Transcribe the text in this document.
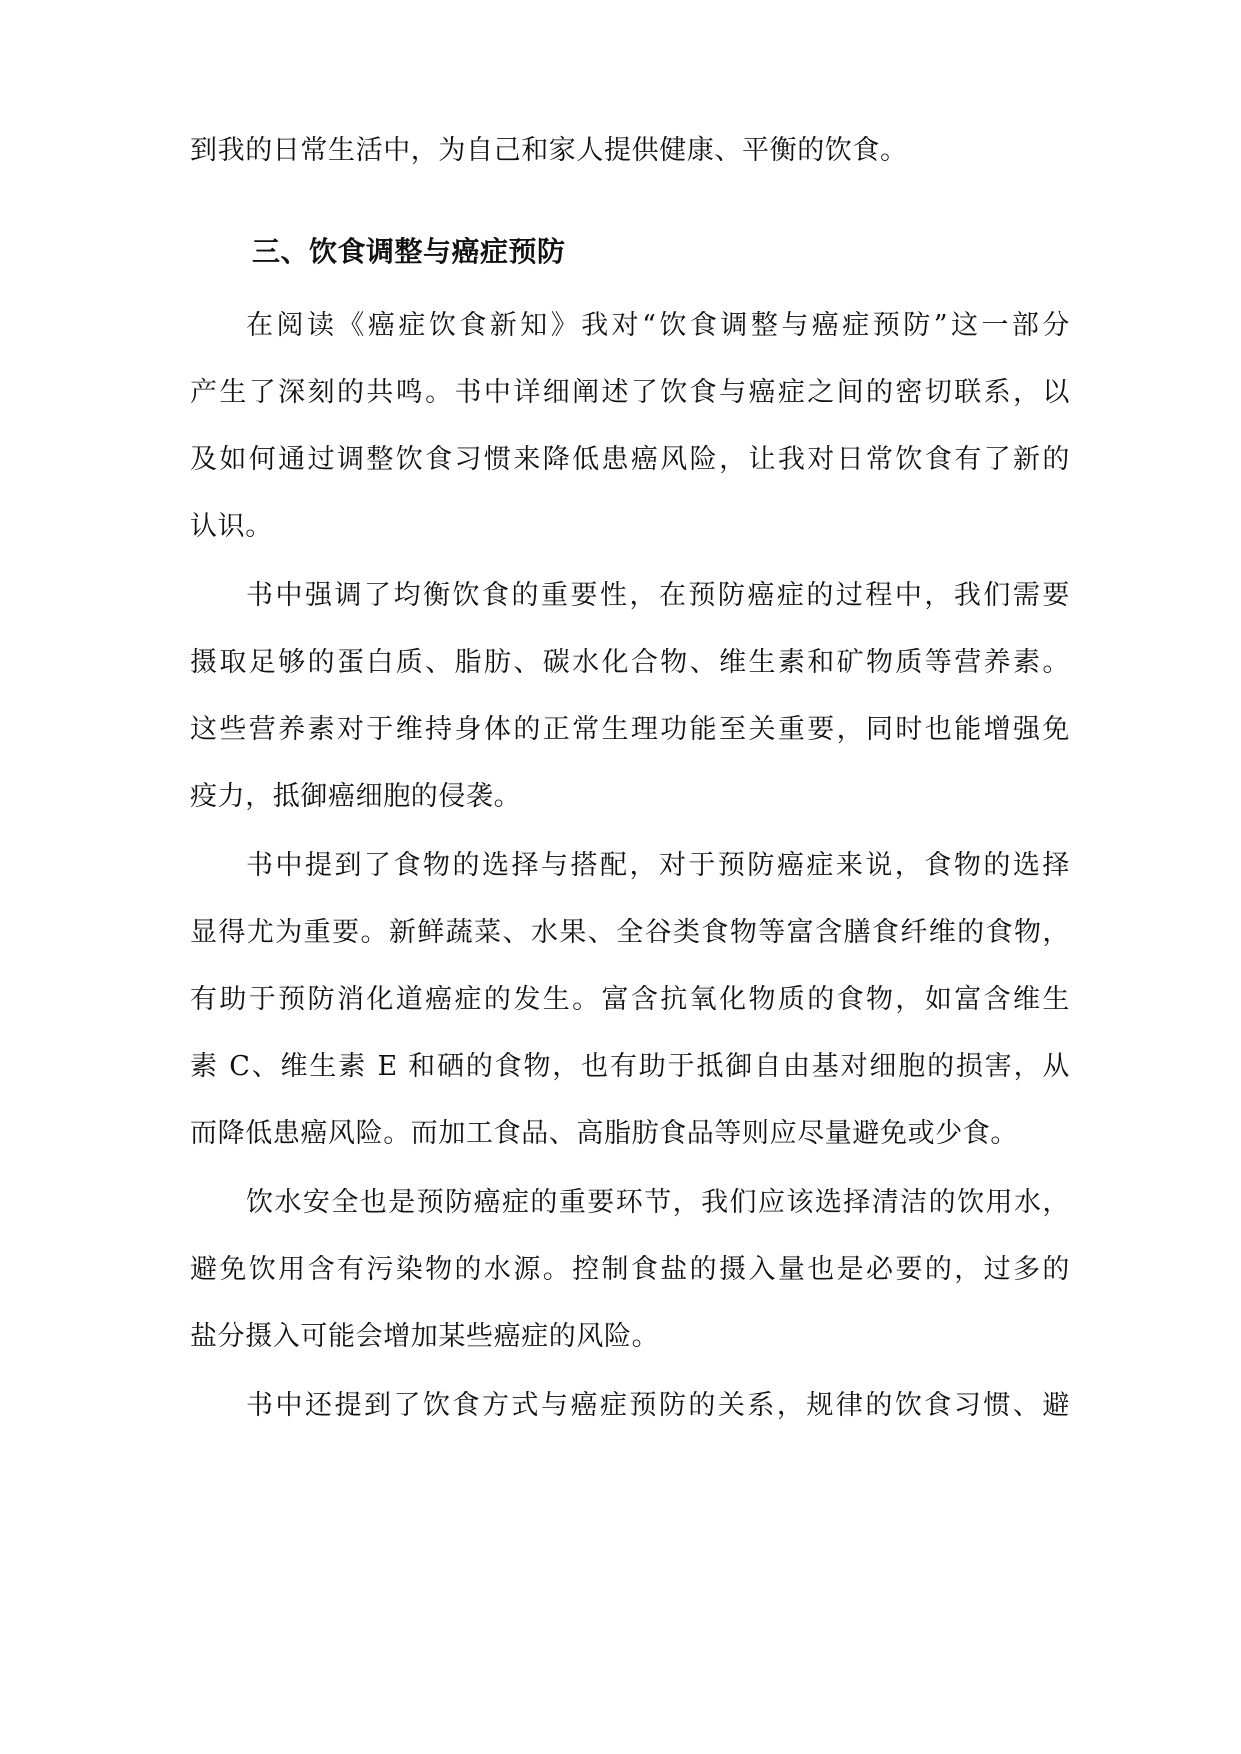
到我的日常生活中，为自己和家人提供健康、平衡的饮食。
三、饮食调整与癌症预防
在阅读《癌症饮食新知》我对“饮食调整与癌症预防”这一部分
产生了深刻的共鸣。书中详细阐述了饮食与癌症之间的密切联系，以
及如何通过调整饮食习惯来降低患癌风险，让我对日常饮食有了新的
认识。
书中强调了均衡饮食的重要性，在预防癌症的过程中，我们需要
摄取足够的蛋白质、脂肪、碳水化合物、维生素和矿物质等营养素。
这些营养素对于维持身体的正常生理功能至关重要，同时也能增强免
疫力，抵御癌细胞的侵袭。
书中提到了食物的选择与搭配，对于预防癌症来说，食物的选择
显得尤为重要。新鲜蔬菜、水果、全谷类食物等富含膳食纤维的食物，
有助于预防消化道癌症的发生。富含抗氧化物质的食物，如富含维生
素 C、维生素 E 和硒的食物，也有助于抵御自由基对细胞的损害，从
而降低患癌风险。而加工食品、高脂肪食品等则应尽量避免或少食。
饮水安全也是预防癌症的重要环节，我们应该选择清洁的饮用水，
避免饮用含有污染物的水源。控制食盐的摄入量也是必要的，过多的
盐分摄入可能会增加某些癌症的风险。
书中还提到了饮食方式与癌症预防的关系，规律的饮食习惯、避
